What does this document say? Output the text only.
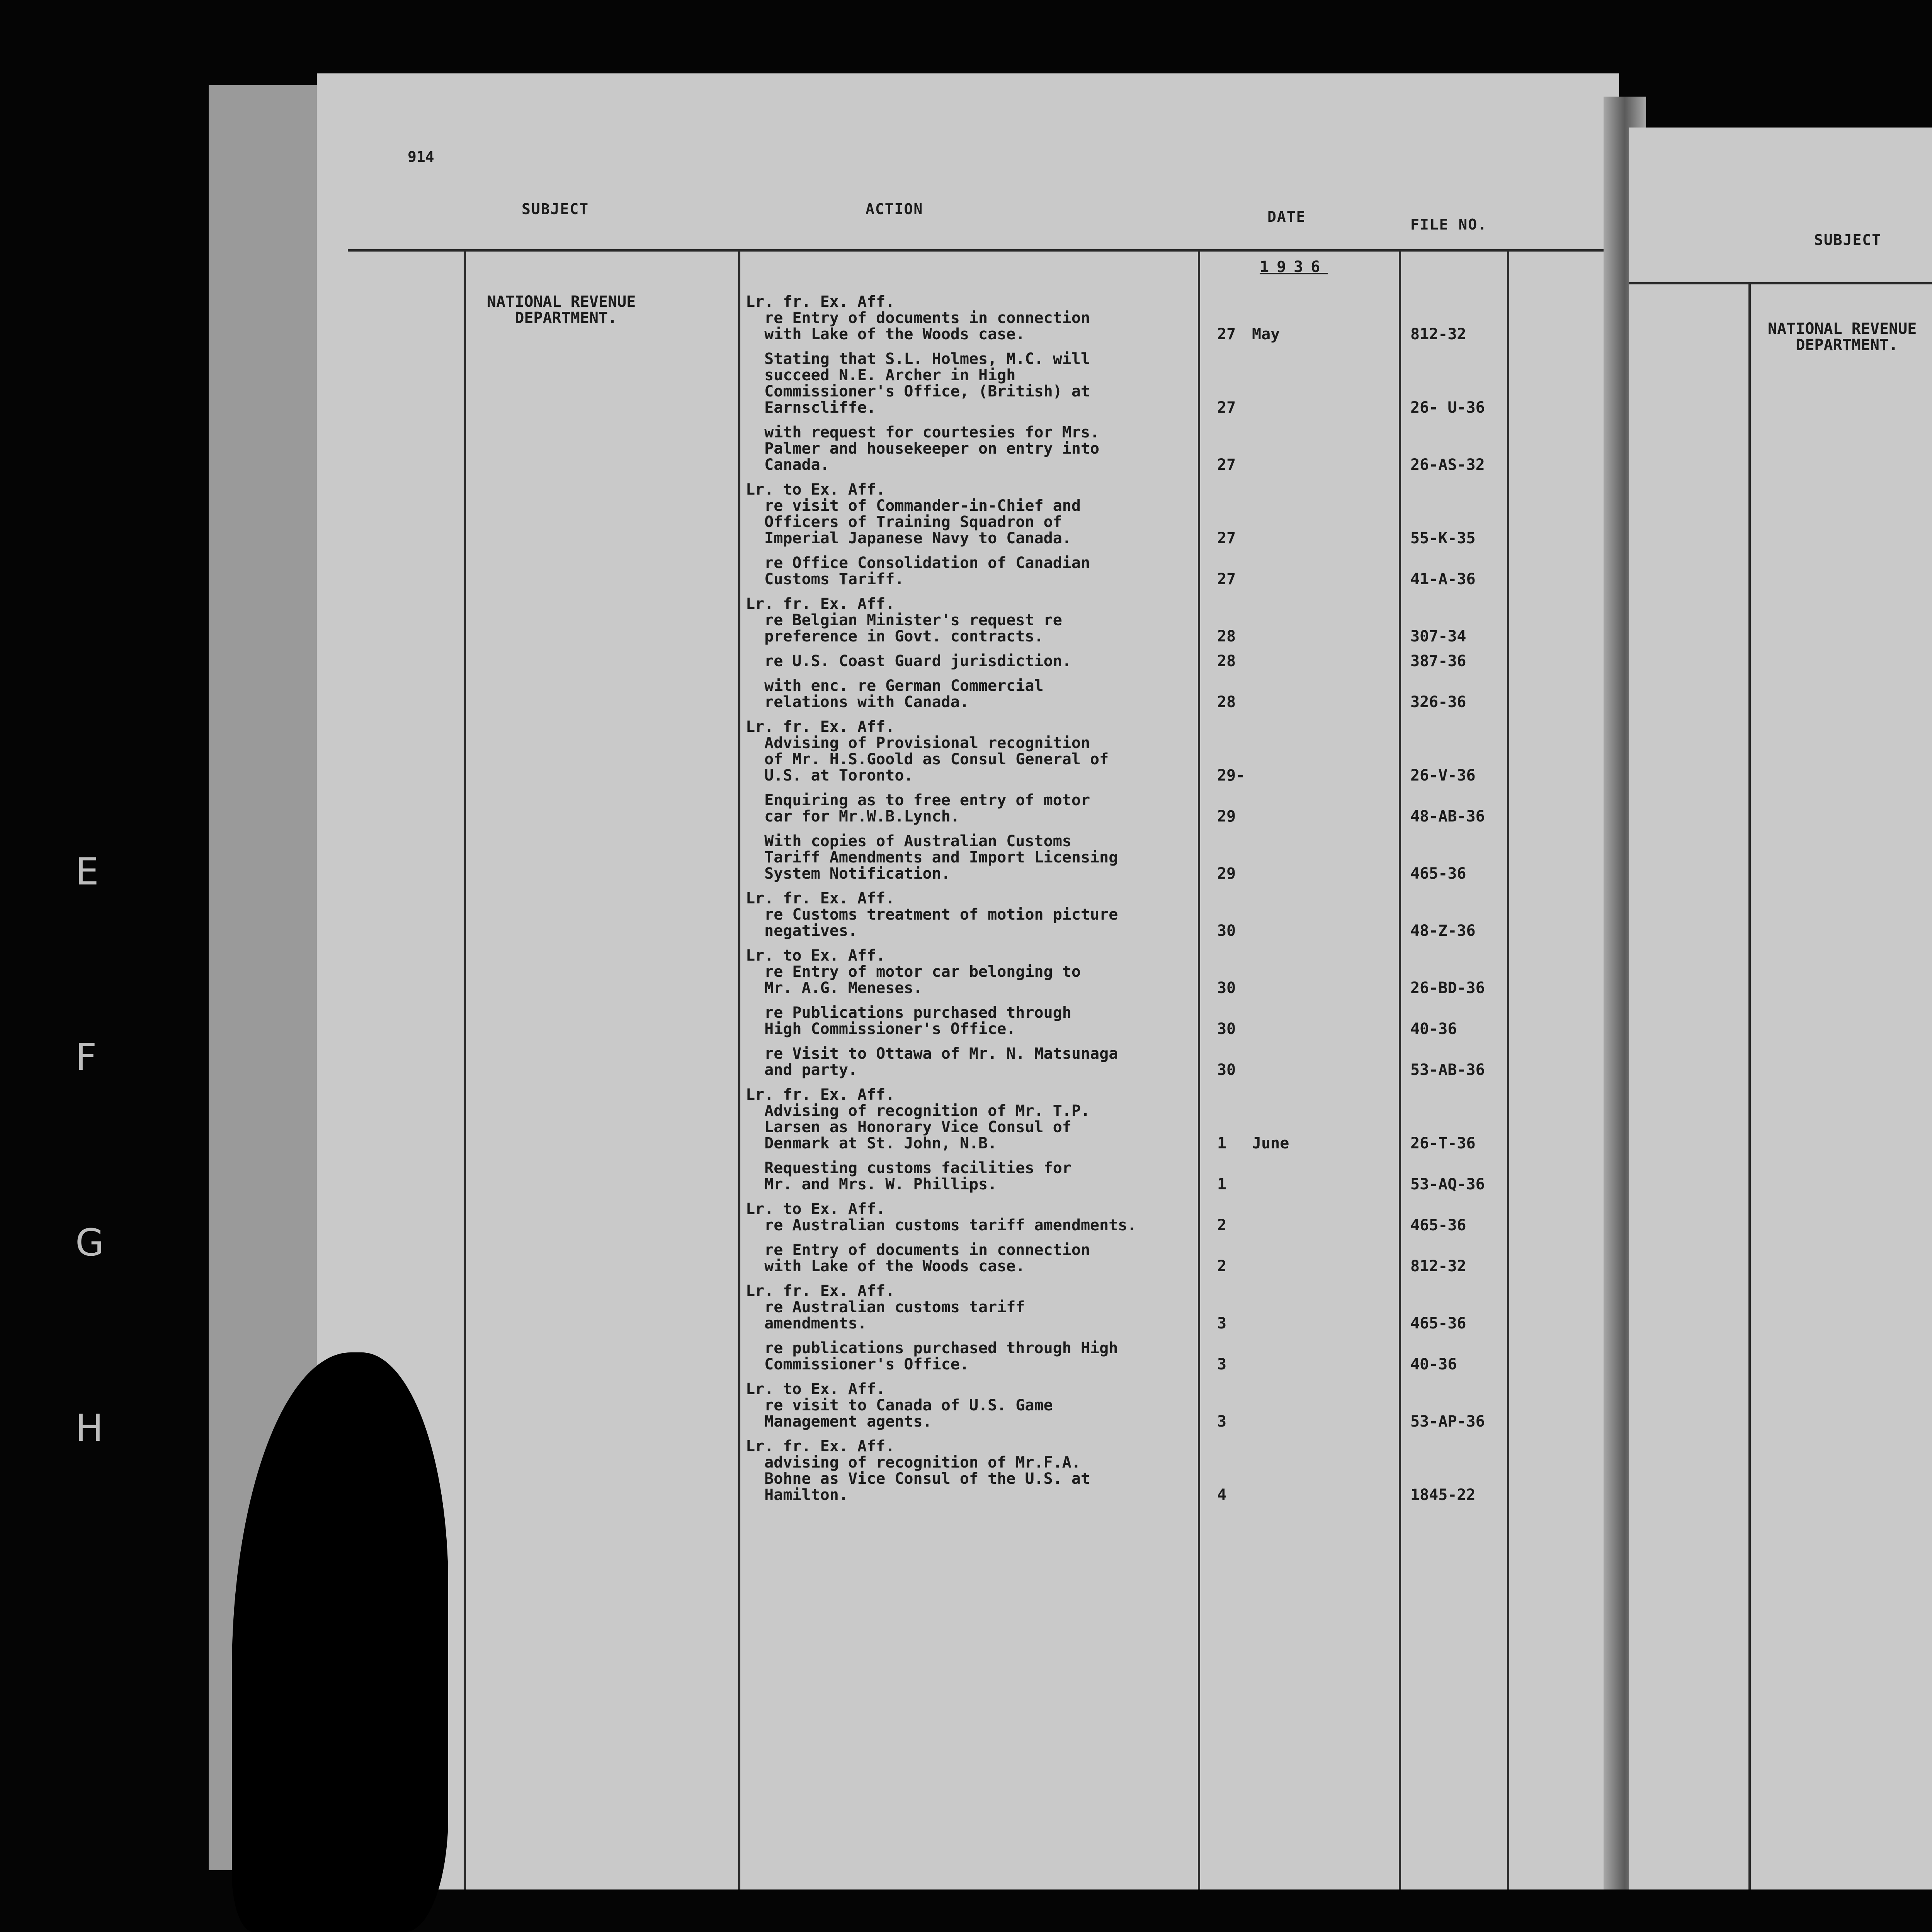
914
SUBJECT	ACTION	DATE	FILE NO.
1936
NATIONAL REVENUE
DEPARTMENT.
Lr. fr. Ex. Aff.
re Entry of documents in connection
with Lake of the Woods case.	27 May	812-32
Stating that S.L. Holmes, M.C. will
succeed N.E. Archer in High
Commissioner's Office, (British) at
Earnscliffe.	27	26- U-36
with request for courtesies for Mrs.
Palmer and housekeeper on entry into
Canada.	27	26-AS-32
Lr. to Ex. Aff.
re visit of Commander-in-Chief and
Officers of Training Squadron of
Imperial Japanese Navy to Canada.	27	55-K-35
re Office Consolidation of Canadian
Customs Tariff.	27	41-A-36
Lr. fr. Ex. Aff.
re Belgian Minister's request re
preference in Govt. contracts.	28	307-34
re U.S. Coast Guard jurisdiction.	28	387-36
with enc. re German Commercial
relations with Canada.	28	326-36
Lr. fr. Ex. Aff.
Advising of Provisional recognition
of Mr. H.S.Goold as Consul General of
U.S. at Toronto.	29-	26-V-36
Enquiring as to free entry of motor
car for Mr.W.B.Lynch.	29	48-AB-36
With copies of Australian Customs
Tariff Amendments and Import Licensing
System Notification.	29	465-36
Lr. fr. Ex. Aff.
re Customs treatment of motion picture
negatives.	30	48-Z-36
Lr. to Ex. Aff.
re Entry of motor car belonging to
Mr. A.G. Meneses.	30	26-BD-36
re Publications purchased through
High Commissioner's Office.	30	40-36
re Visit to Ottawa of Mr. N. Matsunaga
and party.	30	53-AB-36
Lr. fr. Ex. Aff.
Advising of recognition of Mr. T.P.
Larsen as Honorary Vice Consul of
Denmark at St. John, N.B.	1 June	26-T-36
Requesting customs facilities for
Mr. and Mrs. W. Phillips.	1	53-AQ-36
Lr. to Ex. Aff.
re Australian customs tariff amendments.	2	465-36
re Entry of documents in connection
with Lake of the Woods case.	2	812-32
Lr. fr. Ex. Aff.
re Australian customs tariff
amendments.	3	465-36
re publications purchased through High
Commissioner's Office.	3	40-36
Lr. to Ex. Aff.
re visit to Canada of U.S. Game
Management agents.	3	53-AP-36
Lr. fr. Ex. Aff.
advising of recognition of Mr.F.A.
Bohne as Vice Consul of the U.S. at
Hamilton.	4	1845-22
SUBJECT
NATIONAL REVENUE
DEPARTMENT.
E
F
G
H
